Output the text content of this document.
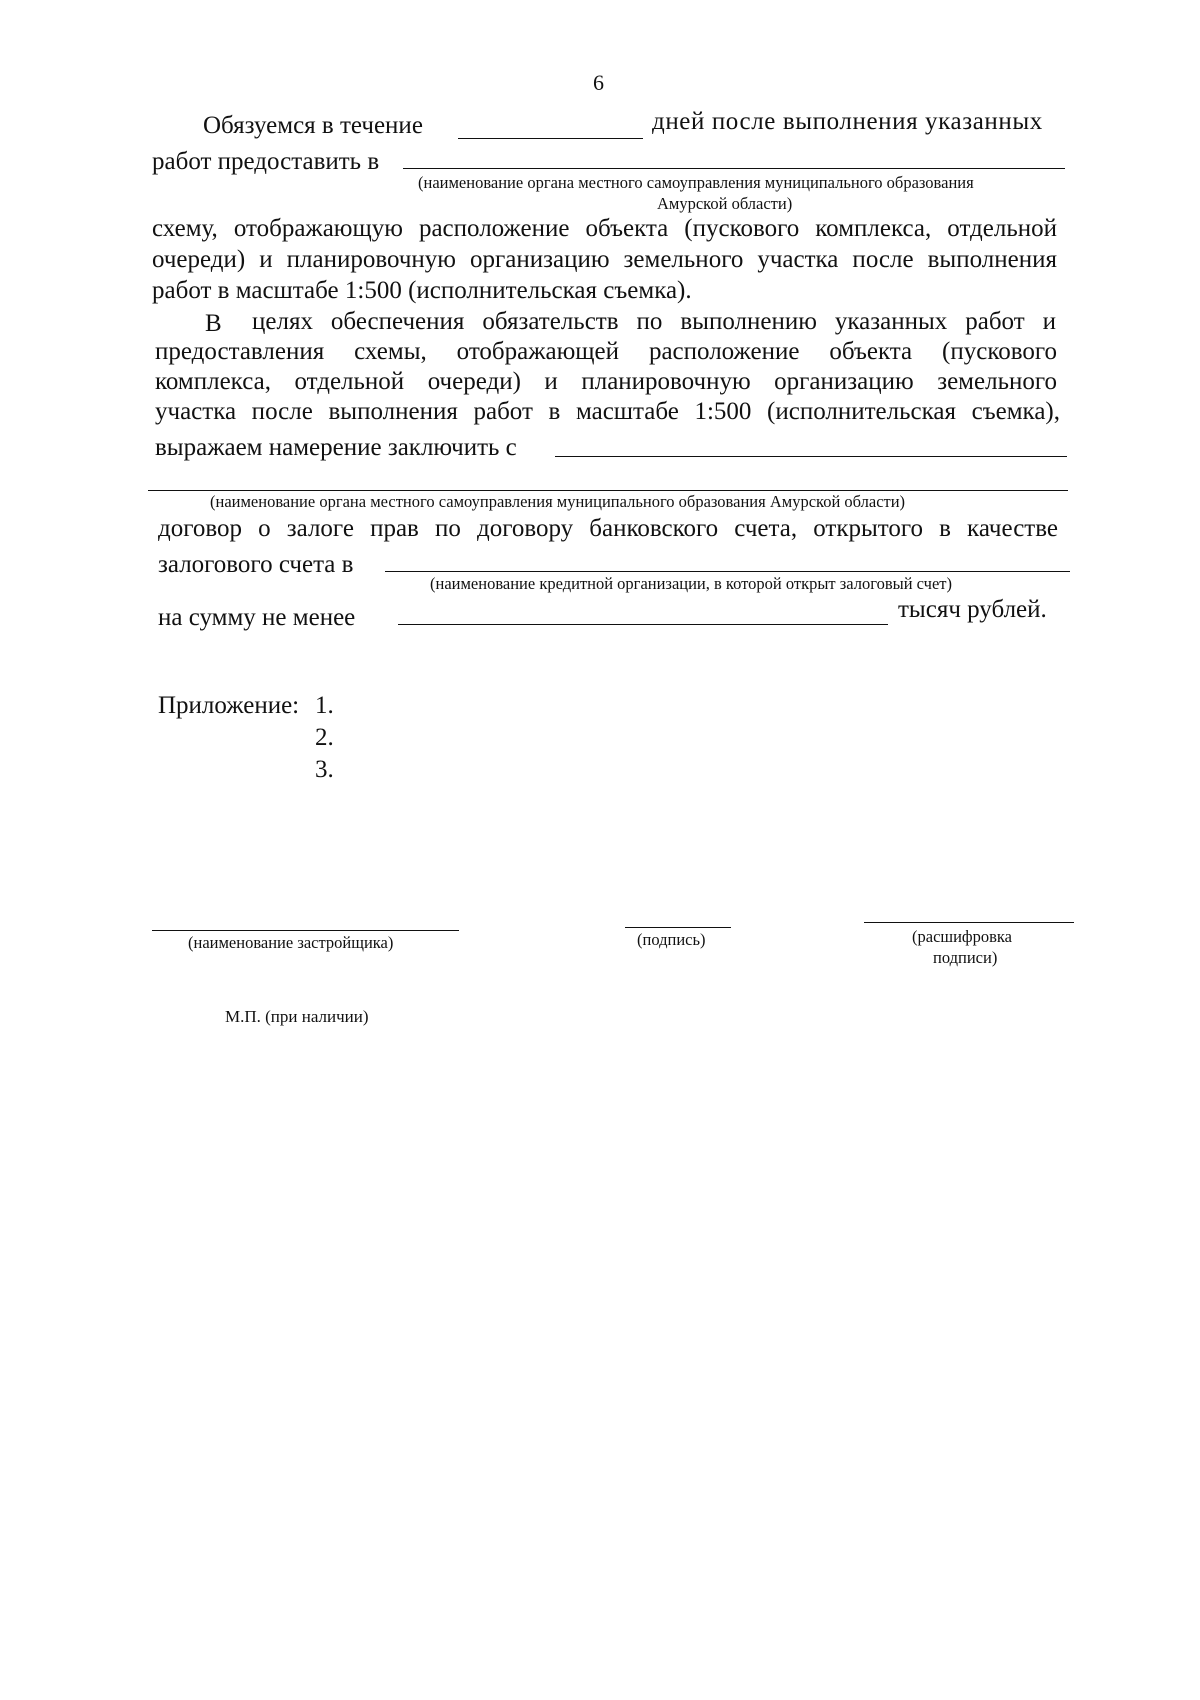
6
Обязуемся в течение	дней после выполнения указанных
работ предоставить в
(наименование органа местного самоуправления муниципального образования
Амурской области)
схему, отображающую расположение объекта (пускового комплекса, отдельной
очереди) и планировочную организацию земельного участка после выполнения
работ в масштабе 1:500 (исполнительская съемка).
В целях обеспечения обязательств по выполнению указанных работ и
предоставления схемы, отображающей расположение объекта (пускового
комплекса, отдельной очереди) и планировочную организацию земельного
участка после выполнения работ в масштабе 1:500 (исполнительская съемка),
выражаем намерение заключить с
(наименование органа местного самоуправления муниципального образования Амурской области)
договор о залоге прав по договору банковского счета, открытого в качестве
залогового счета в
(наименование кредитной организации, в которой открыт залоговый счет)
на сумму не менее	тысяч рублей.
Приложение: 1.
2.
3.
(наименование застройщика)	(подпись)	(расшифровка
подписи)
М.П. (при наличии)
